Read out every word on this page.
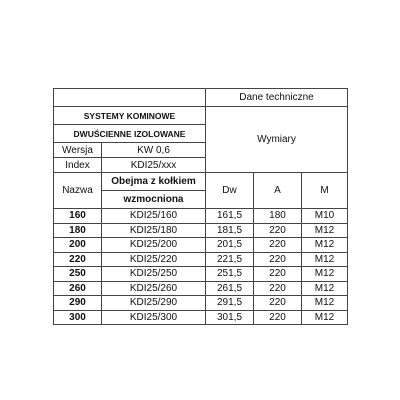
		Dane techniczne		
SYSTEMY KOMINOWE		Wymiary		
DWUŚCIENNE IZOLOWANE				
Wersja	KW 0,6			
Index	KDI25/xxx			
Nazwa	Obejma z kołkiem	Dw	A	M
	wzmocniona			
160	KDI25/160	161,5	180	M10
180	KDI25/180	181,5	220	M12
200	KDI25/200	201,5	220	M12
220	KDI25/220	221,5	220	M12
250	KDI25/250	251,5	220	M12
260	KDI25/260	261,5	220	M12
290	KDI25/290	291,5	220	M12
300	KDI25/300	301,5	220	M12
